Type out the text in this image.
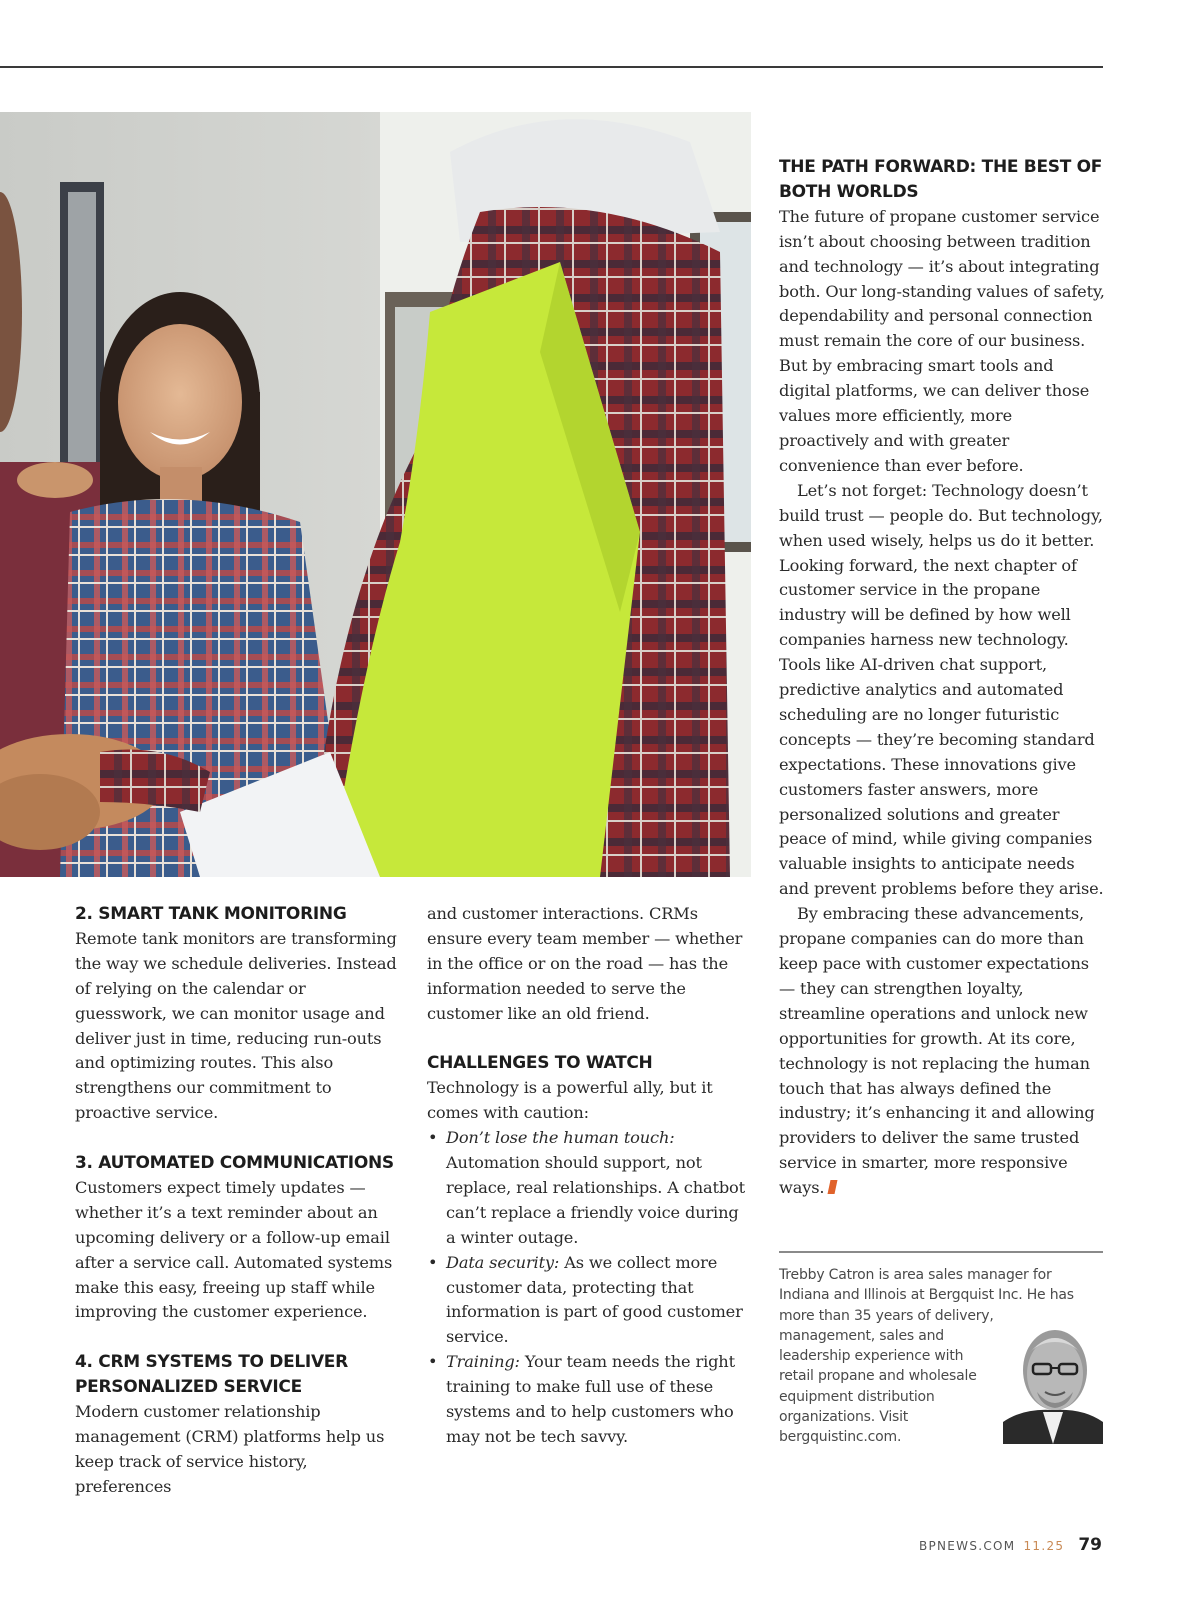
2. SMART TANK MONITORING

Remote tank monitors are transforming the way we schedule deliveries. Instead of relying on the calendar or guesswork, we can monitor usage and deliver just in time, reducing run-outs and optimizing routes. This also strengthens our commitment to proactive service.

3. AUTOMATED COMMUNICATIONS

Customers expect timely updates — whether it’s a text reminder about an upcoming delivery or a follow-up email after a service call. Automated systems make this easy, freeing up staff while improving the customer experience.

4. CRM SYSTEMS TO DELIVER PERSONALIZED SERVICE

Modern customer relationship management (CRM) platforms help us keep track of service history, preferences

and customer interactions. CRMs ensure every team member — whether in the office or on the road — has the information needed to serve the customer like an old friend.

CHALLENGES TO WATCH

Technology is a powerful ally, but it comes with caution:

• Don’t lose the human touch: Automation should support, not replace, real relationships. A chatbot can’t replace a friendly voice during a winter outage.
• Data security: As we collect more customer data, protecting that information is part of good customer service.
• Training: Your team needs the right training to make full use of these systems and to help customers who may not be tech savvy.
THE PATH FORWARD: THE BEST OF BOTH WORLDS

The future of propane customer service isn’t about choosing between tradition and technology — it’s about integrating both. Our long-standing values of safety, dependability and personal connection must remain the core of our business. But by embracing smart tools and digital platforms, we can deliver those values more efficiently, more proactively and with greater convenience than ever before.

Let’s not forget: Technology doesn’t build trust — people do. But technology, when used wisely, helps us do it better. Looking forward, the next chapter of customer service in the propane industry will be defined by how well companies harness new technology. Tools like AI-driven chat support, predictive analytics and automated scheduling are no longer futuristic concepts — they’re becoming standard expectations. These innovations give customers faster answers, more personalized solutions and greater peace of mind, while giving companies valuable insights to anticipate needs and prevent problems before they arise.

By embracing these advancements, propane companies can do more than keep pace with customer expectations — they can strengthen loyalty, streamline operations and unlock new opportunities for growth. At its core, technology is not replacing the human touch that has always defined the industry; it’s enhancing it and allowing providers to deliver the same trusted service in smarter, more responsive ways.

Trebby Catron is area sales manager for
Indiana and Illinois at Bergquist Inc. He has
more than 35 years of delivery,
management, sales and
leadership experience with
retail propane and wholesale
equipment distribution
organizations. Visit
bergquistinc.com.
BPNEWS.COM 11.25 79
